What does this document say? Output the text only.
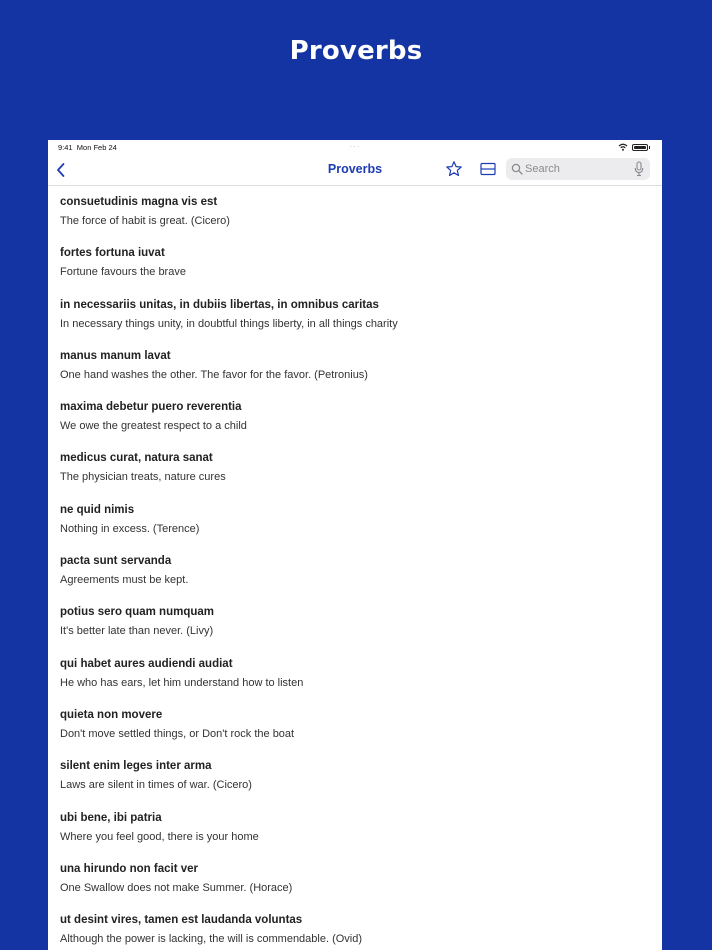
Proverbs
9:41 Mon Feb 24	···
Proverbs
Search
consuetudinis magna vis est
The force of habit is great. (Cicero)
fortes fortuna iuvat
Fortune favours the brave
in necessariis unitas, in dubiis libertas, in omnibus caritas
In necessary things unity, in doubtful things liberty, in all things charity
manus manum lavat
One hand washes the other. The favor for the favor. (Petronius)
maxima debetur puero reverentia
We owe the greatest respect to a child
medicus curat, natura sanat
The physician treats, nature cures
ne quid nimis
Nothing in excess. (Terence)
pacta sunt servanda
Agreements must be kept.
potius sero quam numquam
It's better late than never. (Livy)
qui habet aures audiendi audiat
He who has ears, let him understand how to listen
quieta non movere
Don't move settled things, or Don't rock the boat
silent enim leges inter arma
Laws are silent in times of war. (Cicero)
ubi bene, ibi patria
Where you feel good, there is your home
una hirundo non facit ver
One Swallow does not make Summer. (Horace)
ut desint vires, tamen est laudanda voluntas
Although the power is lacking, the will is commendable. (Ovid)
